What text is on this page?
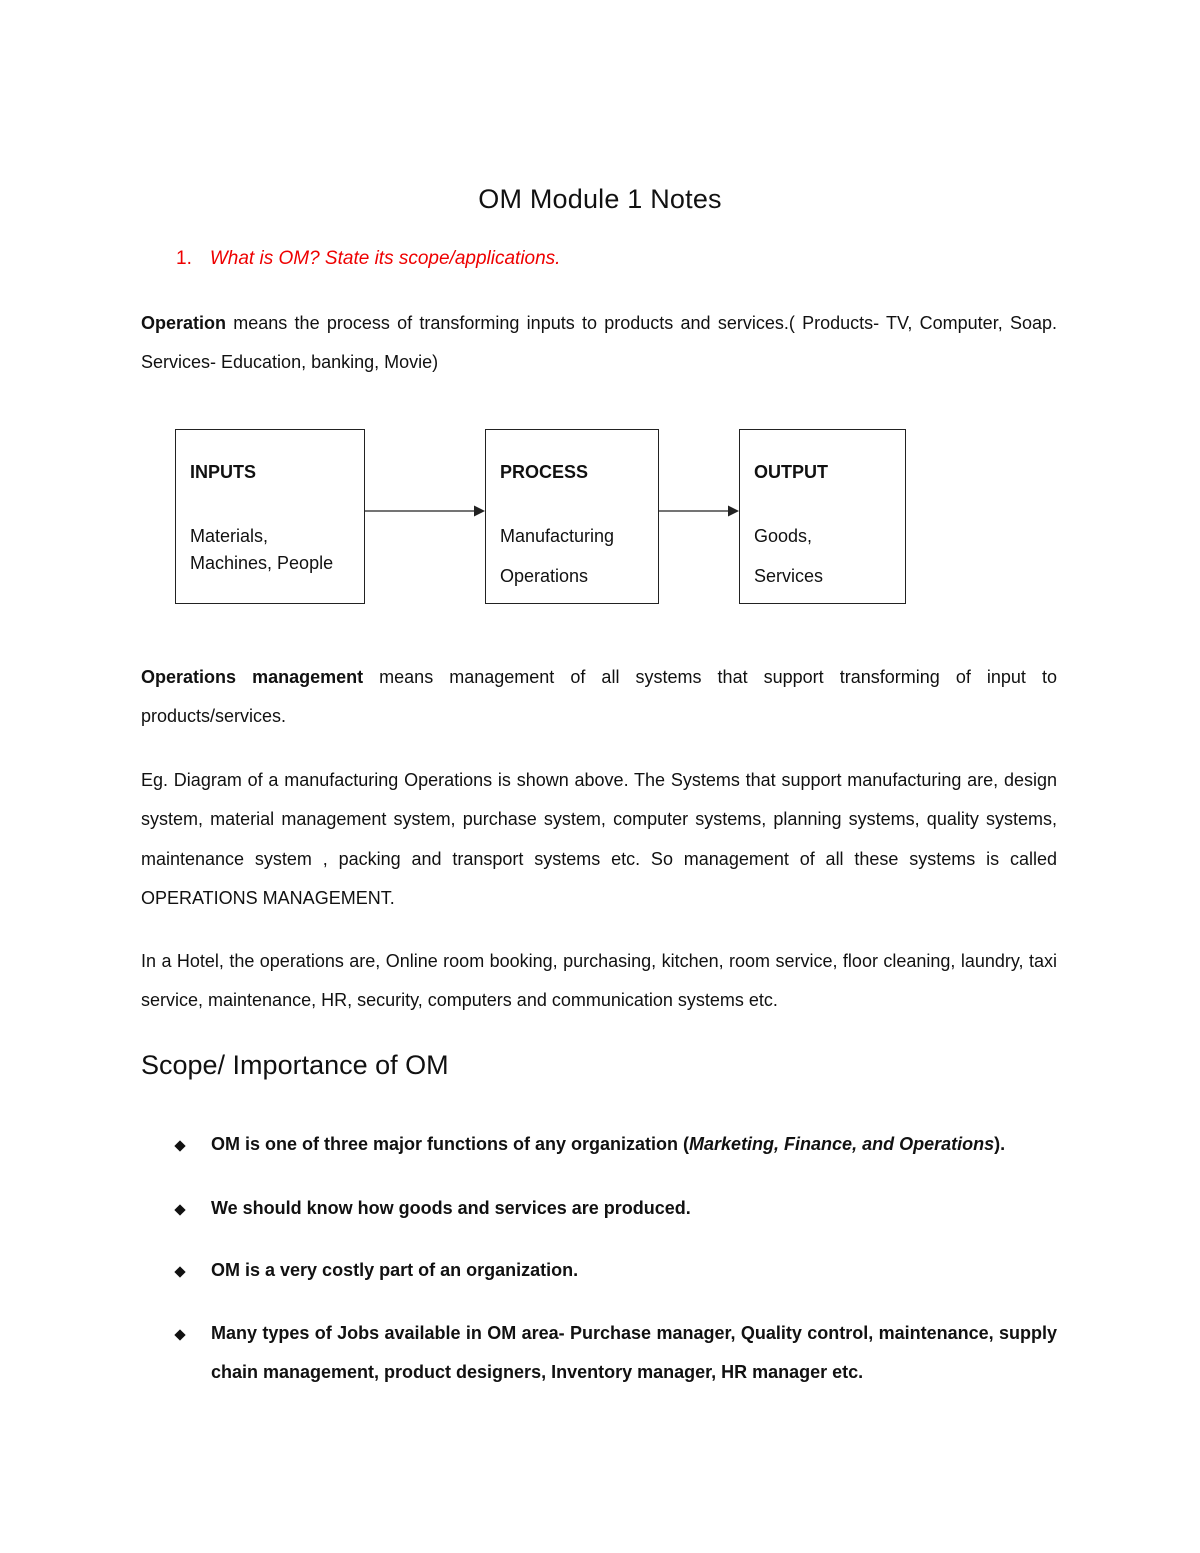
OM Module 1 Notes
1. What is OM? State its scope/applications.

Operation means the process of transforming inputs to products and services.( Products- TV, Computer, Soap. Services- Education, banking, Movie)

INPUTS
Materials,
Machines, People
PROCESS
Manufacturing
Operations
OUTPUT
Goods,
Services

Operations management means management of all systems that support transforming of input to products/services.

Eg. Diagram of a manufacturing Operations is shown above. The Systems that support manufacturing are, design system, material management system, purchase system, computer systems, planning systems, quality systems, maintenance system , packing and transport systems etc. So management of all these systems is called OPERATIONS MANAGEMENT.

In a Hotel, the operations are, Online room booking, purchasing, kitchen, room service, floor cleaning, laundry, taxi service, maintenance, HR, security, computers and communication systems etc.

Scope/ Importance of OM
OM is one of three major functions of any organization (Marketing, Finance, and Operations).
We should know how goods and services are produced.
OM is a very costly part of an organization.
Many types of Jobs available in OM area- Purchase manager, Quality control, maintenance, supply chain management, product designers, Inventory manager, HR manager etc.
